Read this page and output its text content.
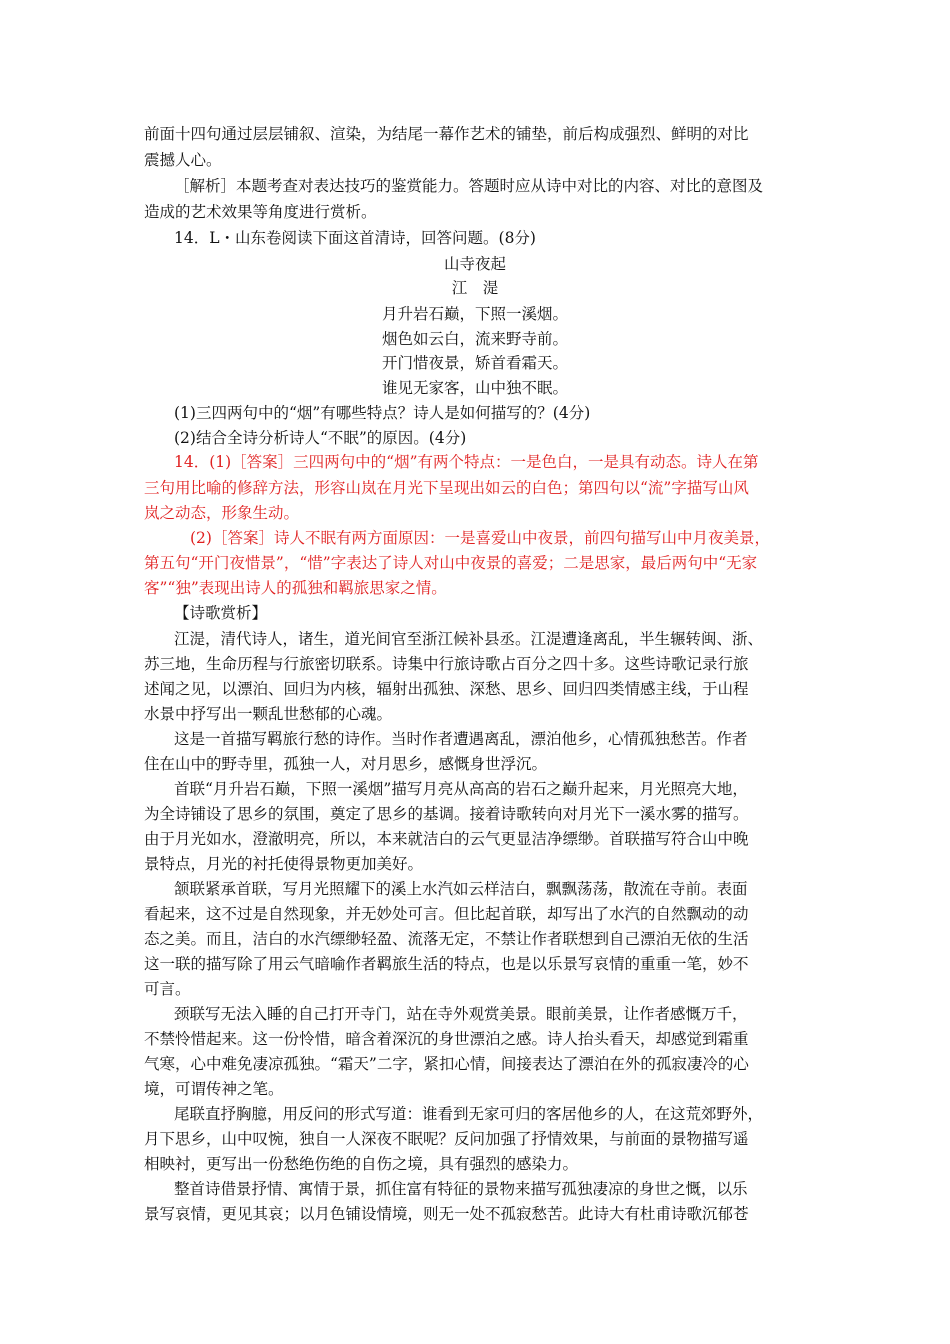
前面十四句通过层层铺叙、渲染，为结尾一幕作艺术的铺垫，前后构成强烈、鲜明的对比
震撼人心。
［解析］本题考查对表达技巧的鉴赏能力。答题时应从诗中对比的内容、对比的意图及
造成的艺术效果等角度进行赏析。
14．L・山东卷阅读下面这首清诗，回答问题。(8分)
山寺夜起
江　湜
月升岩石巅，下照一溪烟。
烟色如云白，流来野寺前。
开门惜夜景，矫首看霜天。
谁见无家客，山中独不眠。
(1)三四两句中的“烟”有哪些特点？诗人是如何描写的？(4分)
(2)结合全诗分析诗人“不眠”的原因。(4分)
14．(1)［答案］三四两句中的“烟”有两个特点：一是色白，一是具有动态。诗人在第
三句用比喻的修辞方法，形容山岚在月光下呈现出如云的白色；第四句以“流”字描写山风
岚之动态，形象生动。
(2)［答案］诗人不眠有两方面原因：一是喜爱山中夜景，前四句描写山中月夜美景，
第五句“开门夜惜景”，“惜”字表达了诗人对山中夜景的喜爱；二是思家，最后两句中“无家
客”“独”表现出诗人的孤独和羁旅思家之情。
【诗歌赏析】
江湜，清代诗人，诸生，道光间官至浙江候补县丞。江湜遭逢离乱，半生辗转闽、浙、
苏三地，生命历程与行旅密切联系。诗集中行旅诗歌占百分之四十多。这些诗歌记录行旅
述闻之见，以漂泊、回归为内核，辐射出孤独、深愁、思乡、回归四类情感主线，于山程
水景中抒写出一颗乱世愁郁的心魂。
这是一首描写羁旅行愁的诗作。当时作者遭遇离乱，漂泊他乡，心情孤独愁苦。作者
住在山中的野寺里，孤独一人，对月思乡，感慨身世浮沉。
首联“月升岩石巅，下照一溪烟”描写月亮从高高的岩石之巅升起来，月光照亮大地，
为全诗铺设了思乡的氛围，奠定了思乡的基调。接着诗歌转向对月光下一溪水雾的描写。
由于月光如水，澄澈明亮，所以，本来就洁白的云气更显洁净缥缈。首联描写符合山中晚
景特点，月光的衬托使得景物更加美好。
颔联紧承首联，写月光照耀下的溪上水汽如云样洁白，飘飘荡荡，散流在寺前。表面
看起来，这不过是自然现象，并无妙处可言。但比起首联，却写出了水汽的自然飘动的动
态之美。而且，洁白的水汽缥缈轻盈、流落无定，不禁让作者联想到自己漂泊无依的生活
这一联的描写除了用云气暗喻作者羁旅生活的特点，也是以乐景写哀情的重重一笔，妙不
可言。
颈联写无法入睡的自己打开寺门，站在寺外观赏美景。眼前美景，让作者感慨万千，
不禁怜惜起来。这一份怜惜，暗含着深沉的身世漂泊之感。诗人抬头看天，却感觉到霜重
气寒，心中难免凄凉孤独。“霜天”二字，紧扣心情，间接表达了漂泊在外的孤寂凄冷的心
境，可谓传神之笔。
尾联直抒胸臆，用反问的形式写道：谁看到无家可归的客居他乡的人，在这荒郊野外，
月下思乡，山中叹惋，独自一人深夜不眠呢？反问加强了抒情效果，与前面的景物描写遥
相映衬，更写出一份愁绝伤绝的自伤之境，具有强烈的感染力。
整首诗借景抒情、寓情于景，抓住富有特征的景物来描写孤独凄凉的身世之慨，以乐
景写哀情，更见其哀；以月色铺设情境，则无一处不孤寂愁苦。此诗大有杜甫诗歌沉郁苍
